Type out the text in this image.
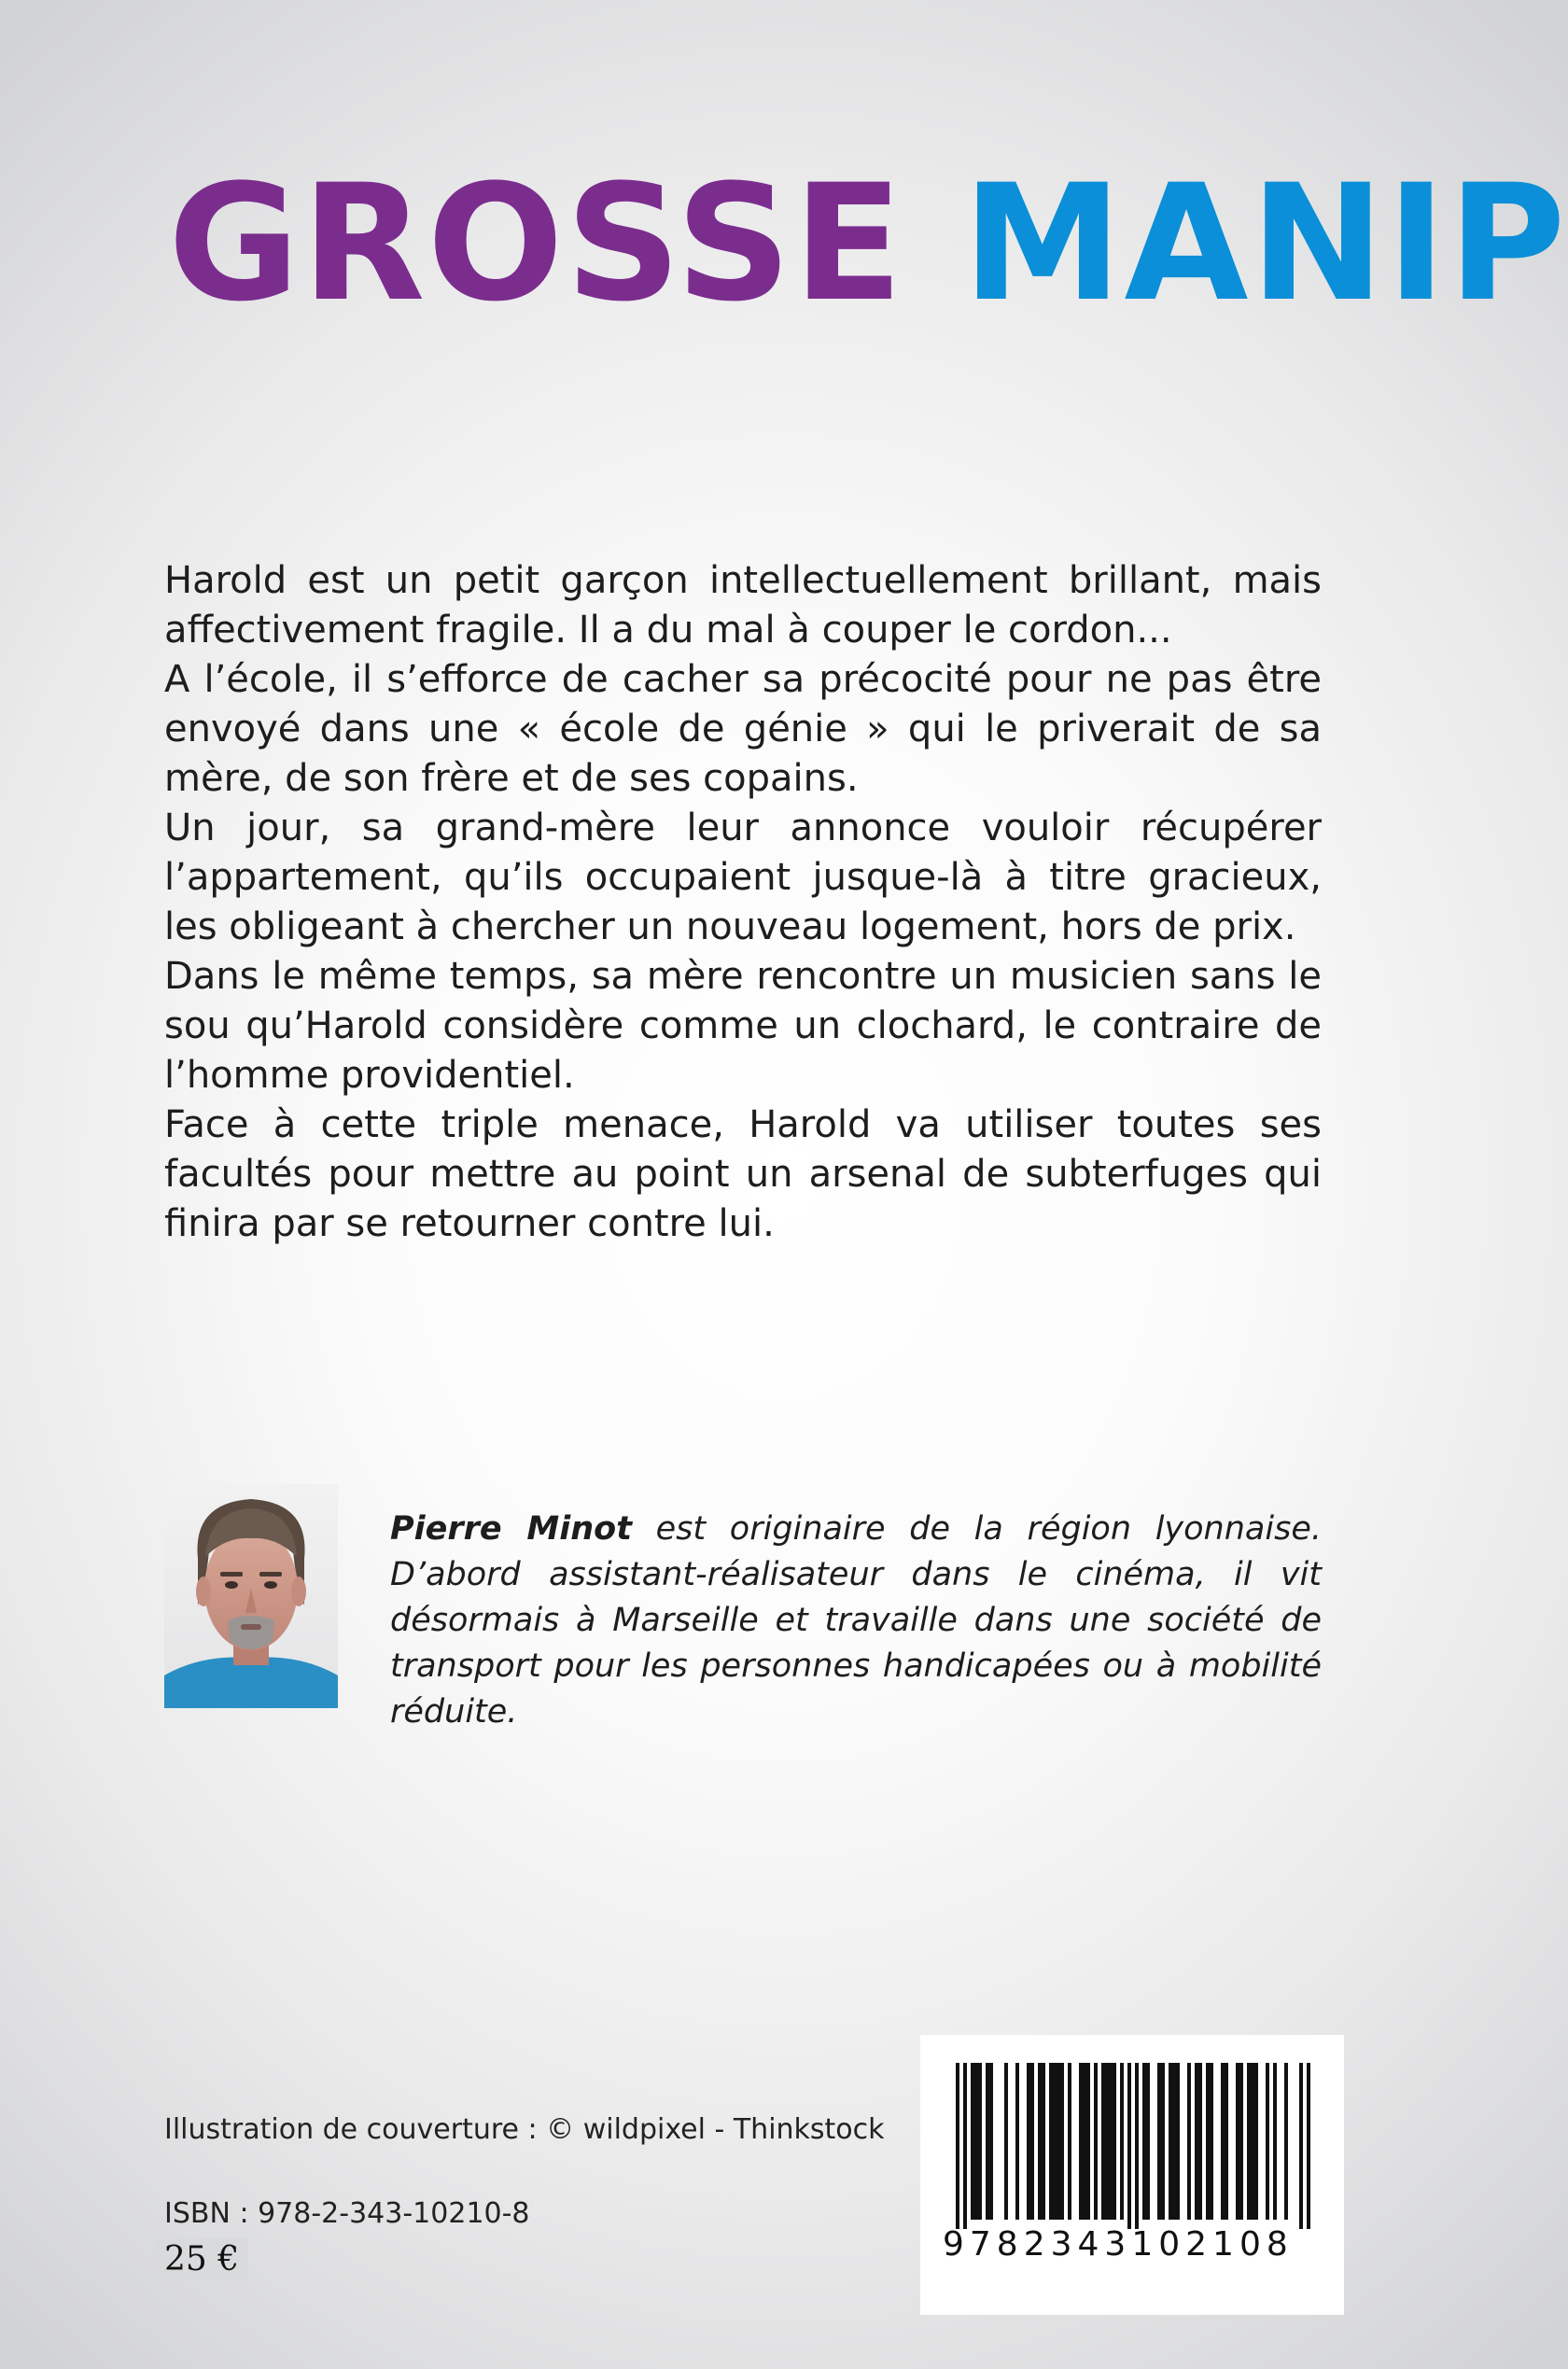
GROSSE MANIP

Harold est un petit garçon intellectuellement brillant, mais affectivement fragile. Il a du mal à couper le cordon...

A l’école, il s’efforce de cacher sa précocité pour ne pas être envoyé dans une « école de génie » qui le priverait de sa mère, de son frère et de ses copains.

Un jour, sa grand-mère leur annonce vouloir récupérer l’appartement, qu’ils occupaient jusque-là à titre gracieux, les obligeant à chercher un nouveau logement, hors de prix.

Dans le même temps, sa mère rencontre un musicien sans le sou qu’Harold considère comme un clochard, le contraire de l’homme providentiel.

Face à cette triple menace, Harold va utiliser toutes ses facultés pour mettre au point un arsenal de subterfuges qui finira par se retourner contre lui.

Pierre Minot est originaire de la région lyonnaise. D’abord assistant-réalisateur dans le cinéma, il vit désormais à Marseille et travaille dans une société de transport pour les personnes handicapées ou à mobilité réduite.

Illustration de couverture : © wildpixel - Thinkstock
ISBN : 978-2-343-10210-8
25 €	9782343102108
